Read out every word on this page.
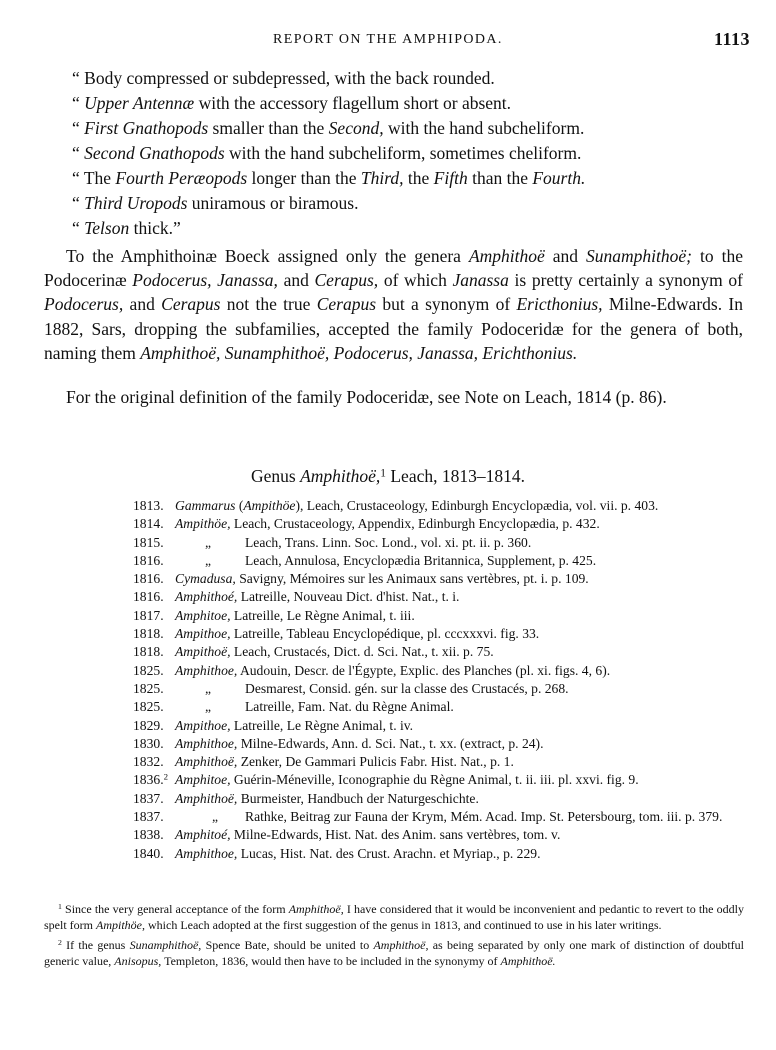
REPORT ON THE AMPHIPODA.	1113
“ Body compressed or subdepressed, with the back rounded.
“ Upper Antennæ with the accessory flagellum short or absent.
“ First Gnathopods smaller than the Second, with the hand subcheliform.
“ Second Gnathopods with the hand subcheliform, sometimes cheliform.
“ The Fourth Peræopods longer than the Third, the Fifth than the Fourth.
“ Third Uropods uniramous or biramous.
“ Telson thick.”
To the Amphithoinæ Boeck assigned only the genera Amphithoë and Sunamphithoë; to the Podocerinæ Podocerus, Janassa, and Cerapus, of which Janassa is pretty certainly a synonym of Podocerus, and Cerapus not the true Cerapus but a synonym of Ericthonius, Milne-Edwards. In 1882, Sars, dropping the subfamilies, accepted the family Podoceridæ for the genera of both, naming them Amphithoë, Sunamphithoë, Podocerus, Janassa, Erichthonius.
For the original definition of the family Podoceridæ, see Note on Leach, 1814 (p. 86).
Genus Amphithoë,$^1$ Leach, 1813–1814.
1813. Gammarus (Ampithöe), Leach, Crustaceology, Edinburgh Encyclopædia, vol. vii. p. 403.
1814. Ampithöe, Leach, Crustaceology, Appendix, Edinburgh Encyclopædia, p. 432.
1815.	„	Leach, Trans. Linn. Soc. Lond., vol. xi. pt. ii. p. 360.
1816.	„	Leach, Annulosa, Encyclopædia Britannica, Supplement, p. 425.
1816. Cymadusa, Savigny, Mémoires sur les Animaux sans vertèbres, pt. i. p. 109.
1816. Amphithoé, Latreille, Nouveau Dict. d'hist. Nat., t. i.
1817. Amphitoe, Latreille, Le Règne Animal, t. iii.
1818. Ampithoe, Latreille, Tableau Encyclopédique, pl. cccxxxvi. fig. 33.
1818. Ampithoë, Leach, Crustacés, Dict. d. Sci. Nat., t. xii. p. 75.
1825. Amphithoe, Audouin, Descr. de l'Égypte, Explic. des Planches (pl. xi. figs. 4, 6).
1825.	„	Desmarest, Consid. gén. sur la classe des Crustacés, p. 268.
1825.	„	Latreille, Fam. Nat. du Règne Animal.
1829. Ampithoe, Latreille, Le Règne Animal, t. iv.
1830. Amphithoe, Milne-Edwards, Ann. d. Sci. Nat., t. xx. (extract, p. 24).
1832. Amphithoë, Zenker, De Gammari Pulicis Fabr. Hist. Nat., p. 1.
1836.$^2$ Amphitoe, Guérin-Méneville, Iconographie du Règne Animal, t. ii. iii. pl. xxvi. fig. 9.
1837. Amphithoë, Burmeister, Handbuch der Naturgeschichte.
1837.	„	Rathke, Beitrag zur Fauna der Krym, Mém. Acad. Imp. St. Petersbourg, tom. iii. p. 379.
1838. Amphitoé, Milne-Edwards, Hist. Nat. des Anim. sans vertèbres, tom. v.
1840. Amphithoe, Lucas, Hist. Nat. des Crust. Arachn. et Myriap., p. 229.
$^1$ Since the very general acceptance of the form Amphithoë, I have considered that it would be inconvenient and pedantic to revert to the oddly spelt form Ampithöe, which Leach adopted at the first suggestion of the genus in 1813, and continued to use in his later writings.
$^2$ If the genus Sunamphithoë, Spence Bate, should be united to Amphithoë, as being separated by only one mark of distinction of doubtful generic value, Anisopus, Templeton, 1836, would then have to be included in the synonymy of Amphithoë.
